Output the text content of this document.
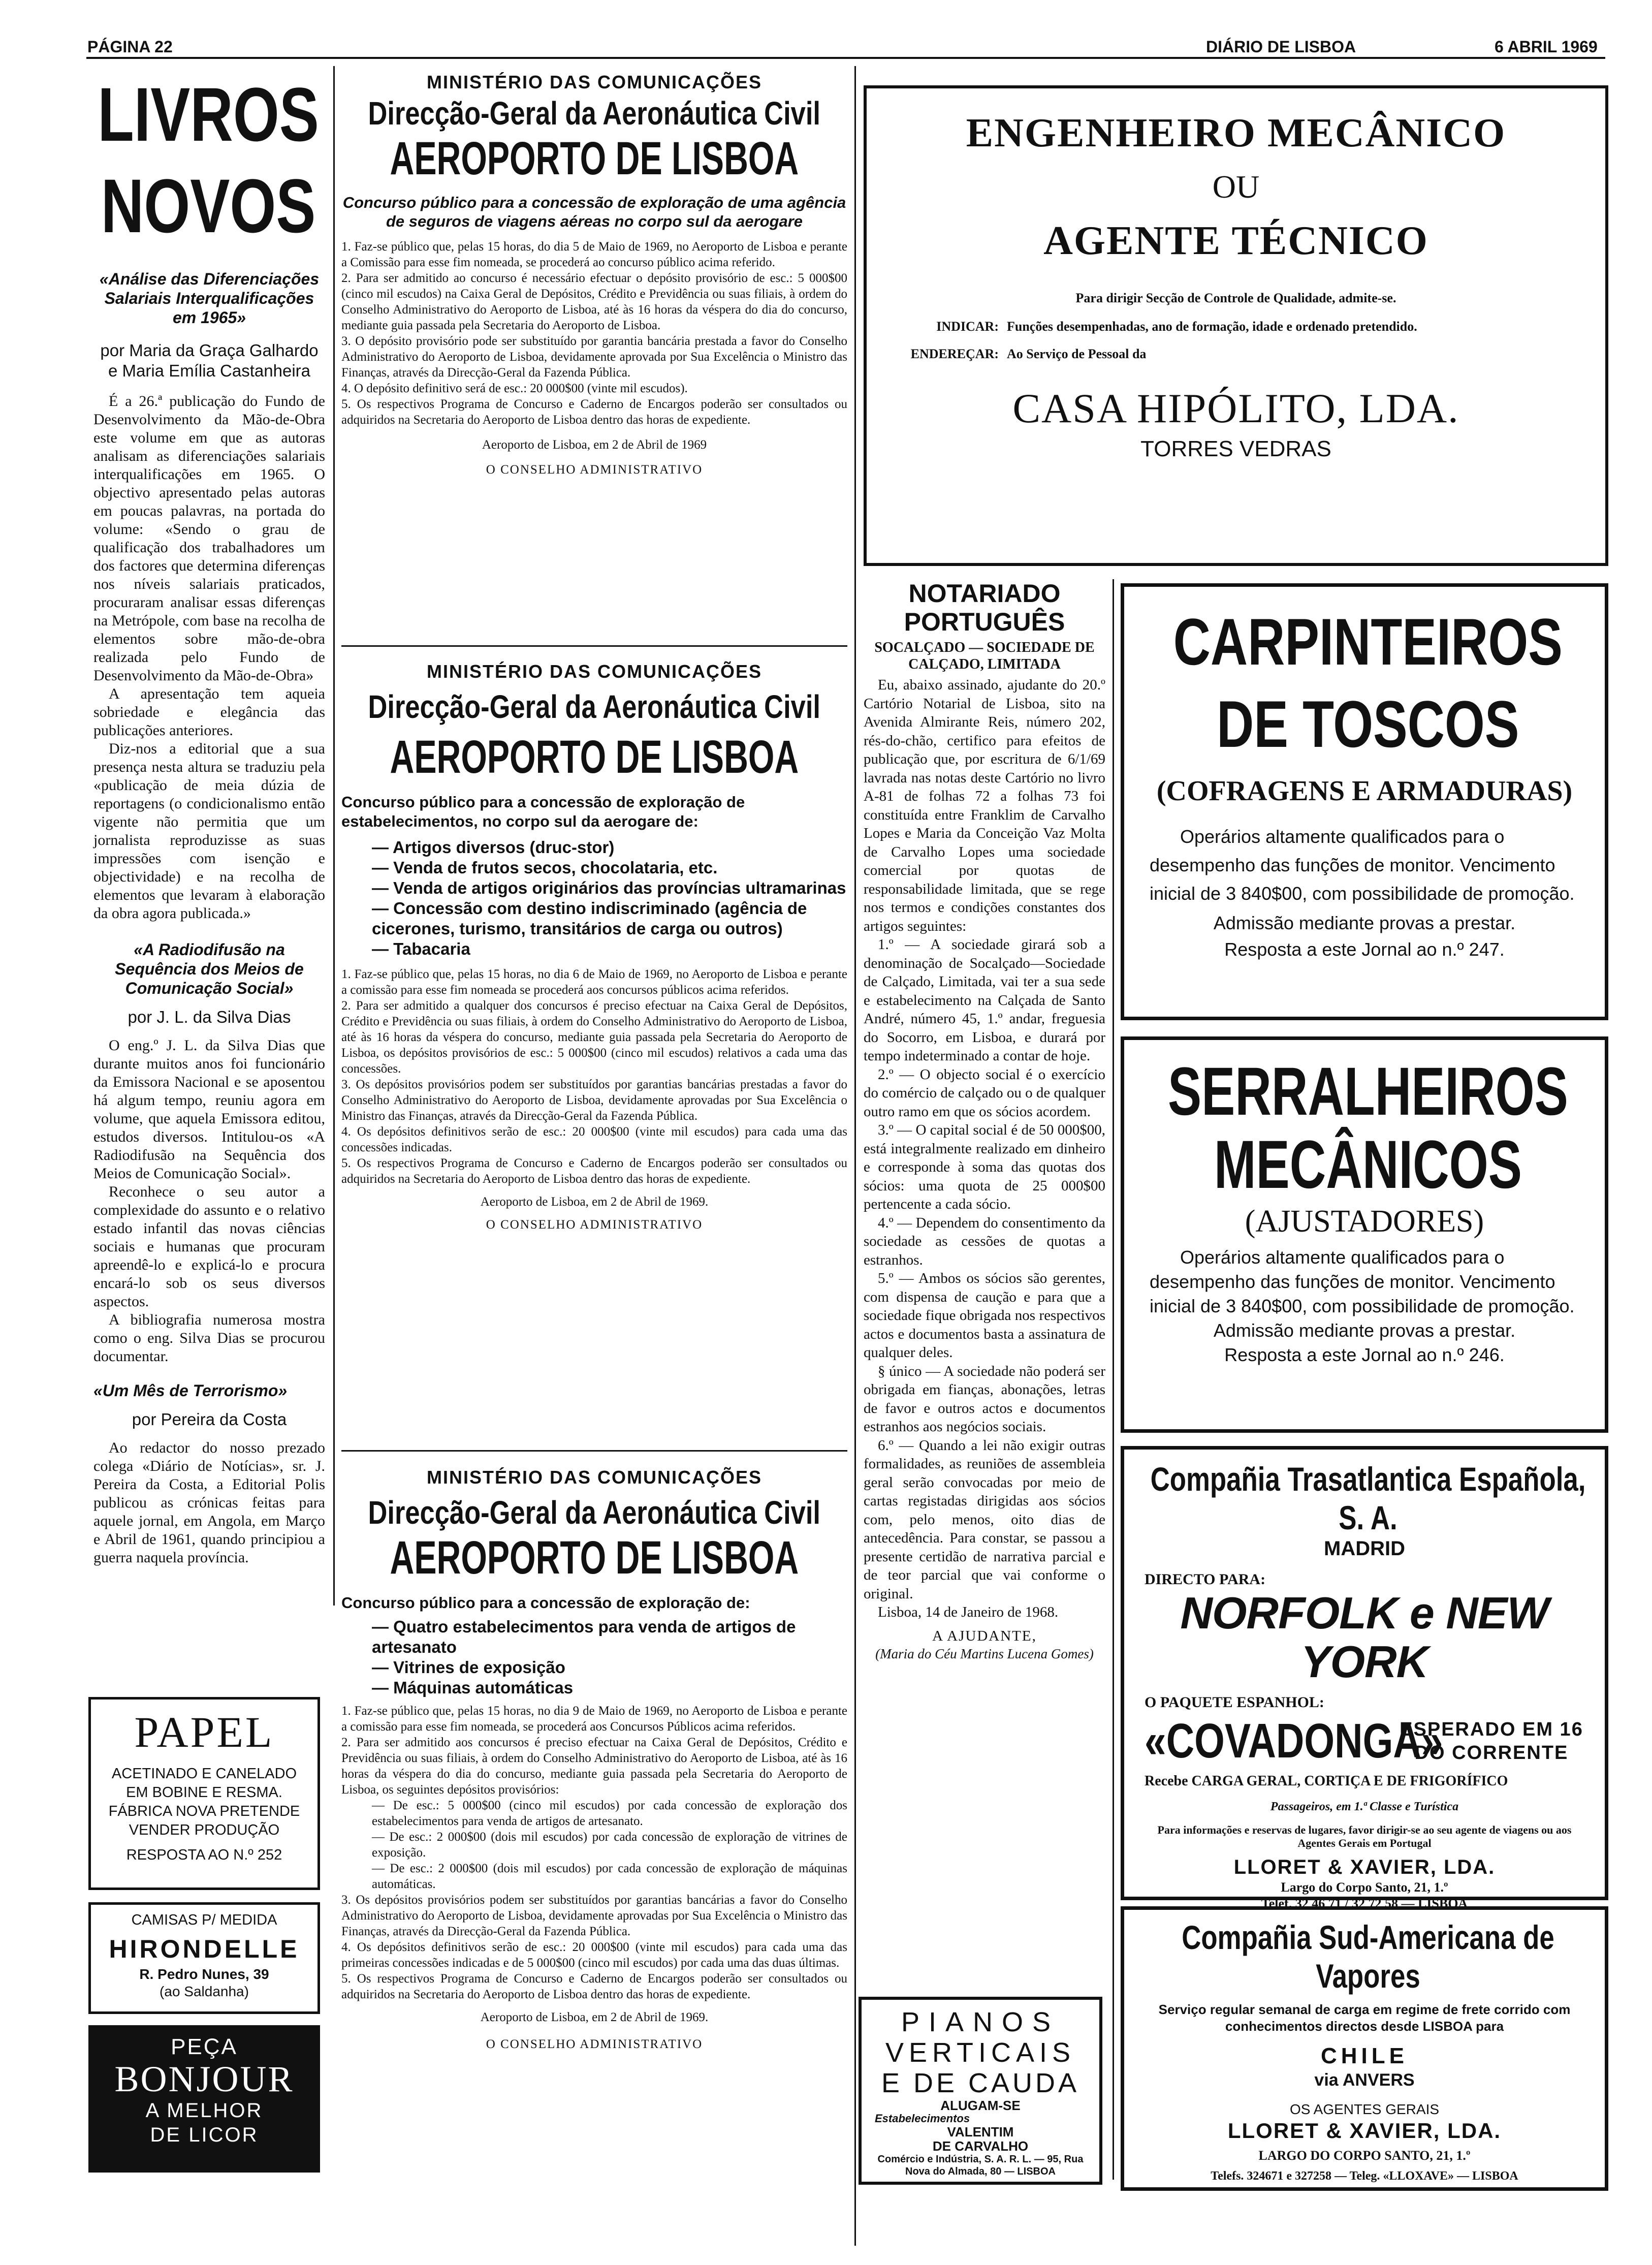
PÁGINA 22	DIÁRIO DE LISBOA	6 ABRIL 1969
LIVROS
NOVOS

«Análise das Diferenciações Salariais Interqualificações em 1965»

por Maria da Graça Galhardo e Maria Emília Castanheira

É a 26.ª publicação do Fundo de Desenvolvimento da Mão-de-Obra este volume em que as autoras analisam as diferenciações salariais interqualificações em 1965. O objectivo apresentado pelas autoras em poucas palavras, na portada do volume: «Sendo o grau de qualificação dos trabalhadores um dos factores que determina diferenças nos níveis salariais praticados, procuraram analisar essas diferenças na Metrópole, com base na recolha de elementos sobre mão-de-obra realizada pelo Fundo de Desenvolvimento da Mão-de-Obra»

A apresentação tem aqueia sobriedade e elegância das publicações anteriores.

Diz-nos a editorial que a sua presença nesta altura se traduziu pela «publicação de meia dúzia de reportagens (o condicionalismo então vigente não permitia que um jornalista reproduzisse as suas impressões com isenção e objectividade) e na recolha de elementos que levaram à elaboração da obra agora publicada.»

«A Radiodifusão na Sequência dos Meios de Comunicação Social»

por J. L. da Silva Dias

O eng.º J. L. da Silva Dias que durante muitos anos foi funcionário da Emissora Nacional e se aposentou há algum tempo, reuniu agora em volume, que aquela Emissora editou, estudos diversos. Intitulou-os «A Radiodifusão na Sequência dos Meios de Comunicação Social».

Reconhece o seu autor a complexidade do assunto e o relativo estado infantil das novas ciências sociais e humanas que procuram apreendê-lo e explicá-lo e procura encará-lo sob os seus diversos aspectos.

A bibliografia numerosa mostra como o eng. Silva Dias se procurou documentar.

«Um Mês de Terrorismo»

por Pereira da Costa

Ao redactor do nosso prezado colega «Diário de Notícias», sr. J. Pereira da Costa, a Editorial Polis publicou as crónicas feitas para aquele jornal, em Angola, em Março e Abril de 1961, quando principiou a guerra naquela província.

PAPEL
ACETINADO E CANELADO EM BOBINE E RESMA. FÁBRICA NOVA PRETENDE VENDER PRODUÇÃO
RESPOSTA AO N.º 252
CAMISAS P/ MEDIDA
HIRONDELLE
R. Pedro Nunes, 39
(ao Saldanha)
PEÇA
BONJOUR
A MELHOR
DE LICOR
MINISTÉRIO DAS COMUNICAÇÕES
Direcção-Geral da Aeronáutica Civil
AEROPORTO DE LISBOA
Concurso público para a concessão de exploração de uma agência de seguros de viagens aéreas no corpo sul da aerogare
1. Faz-se público que, pelas 15 horas, do dia 5 de Maio de 1969, no Aeroporto de Lisboa e perante a Comissão para esse fim nomeada, se procederá ao concurso público acima referido.
2. Para ser admitido ao concurso é necessário efectuar o depósito provisório de esc.: 5 000$00 (cinco mil escudos) na Caixa Geral de Depósitos, Crédito e Previdência ou suas filiais, à ordem do Conselho Administrativo do Aeroporto de Lisboa, até às 16 horas da véspera do dia do concurso, mediante guia passada pela Secretaria do Aeroporto de Lisboa.
3. O depósito provisório pode ser substituído por garantia bancária prestada a favor do Conselho Administrativo do Aeroporto de Lisboa, devidamente aprovada por Sua Excelência o Ministro das Finanças, através da Direcção-Geral da Fazenda Pública.
4. O depósito definitivo será de esc.: 20 000$00 (vinte mil escudos).
5. Os respectivos Programa de Concurso e Caderno de Encargos poderão ser consultados ou adquiridos na Secretaria do Aeroporto de Lisboa dentro das horas de expediente.
Aeroporto de Lisboa, em 2 de Abril de 1969
O CONSELHO ADMINISTRATIVO
MINISTÉRIO DAS COMUNICAÇÕES
Direcção-Geral da Aeronáutica Civil
AEROPORTO DE LISBOA
Concurso público para a concessão de exploração de estabelecimentos, no corpo sul da aerogare de:
— Artigos diversos (druc-stor)
— Venda de frutos secos, chocolataria, etc.
— Venda de artigos originários das províncias ultramarinas
— Concessão com destino indiscriminado (agência de cicerones, turismo, transitários de carga ou outros)
— Tabacaria
1. Faz-se público que, pelas 15 horas, no dia 6 de Maio de 1969, no Aeroporto de Lisboa e perante a comissão para esse fim nomeada se procederá aos concursos públicos acima referidos.
2. Para ser admitido a qualquer dos concursos é preciso efectuar na Caixa Geral de Depósitos, Crédito e Previdência ou suas filiais, à ordem do Conselho Administrativo do Aeroporto de Lisboa, até às 16 horas da véspera do concurso, mediante guia passada pela Secretaria do Aeroporto de Lisboa, os depósitos provisórios de esc.: 5 000$00 (cinco mil escudos) relativos a cada uma das concessões.
3. Os depósitos provisórios podem ser substituídos por garantias bancárias prestadas a favor do Conselho Administrativo do Aeroporto de Lisboa, devidamente aprovadas por Sua Excelência o Ministro das Finanças, através da Direcção-Geral da Fazenda Pública.
4. Os depósitos definitivos serão de esc.: 20 000$00 (vinte mil escudos) para cada uma das concessões indicadas.
5. Os respectivos Programa de Concurso e Caderno de Encargos poderão ser consultados ou adquiridos na Secretaria do Aeroporto de Lisboa dentro das horas de expediente.
Aeroporto de Lisboa, em 2 de Abril de 1969.
O CONSELHO ADMINISTRATIVO
MINISTÉRIO DAS COMUNICAÇÕES
Direcção-Geral da Aeronáutica Civil
AEROPORTO DE LISBOA
Concurso público para a concessão de exploração de:
— Quatro estabelecimentos para venda de artigos de artesanato
— Vitrines de exposição
— Máquinas automáticas
1. Faz-se público que, pelas 15 horas, no dia 9 de Maio de 1969, no Aeroporto de Lisboa e perante a comissão para esse fim nomeada, se procederá aos Concursos Públicos acima referidos.
2. Para ser admitido aos concursos é preciso efectuar na Caixa Geral de Depósitos, Crédito e Previdência ou suas filiais, à ordem do Conselho Administrativo do Aeroporto de Lisboa, até às 16 horas da véspera do dia do concurso, mediante guia passada pela Secretaria do Aeroporto de Lisboa, os seguintes depósitos provisórios:
— De esc.: 5 000$00 (cinco mil escudos) por cada concessão de exploração dos estabelecimentos para venda de artigos de artesanato.
— De esc.: 2 000$00 (dois mil escudos) por cada concessão de exploração de vitrines de exposição.
— De esc.: 2 000$00 (dois mil escudos) por cada concessão de exploração de máquinas automáticas.
3. Os depósitos provisórios podem ser substituídos por garantias bancárias a favor do Conselho Administrativo do Aeroporto de Lisboa, devidamente aprovadas por Sua Excelência o Ministro das Finanças, através da Direcção-Geral da Fazenda Pública.
4. Os depósitos definitivos serão de esc.: 20 000$00 (vinte mil escudos) para cada uma das primeiras concessões indicadas e de 5 000$00 (cinco mil escudos) por cada uma das duas últimas.
5. Os respectivos Programa de Concurso e Caderno de Encargos poderão ser consultados ou adquiridos na Secretaria do Aeroporto de Lisboa dentro das horas de expediente.
Aeroporto de Lisboa, em 2 de Abril de 1969.
O CONSELHO ADMINISTRATIVO
ENGENHEIRO MECÂNICO
OU
AGENTE TÉCNICO
Para dirigir Secção de Controle de Qualidade, admite-se.
INDICAR: Funções desempenhadas, ano de formação, idade e ordenado pretendido.
ENDEREÇAR: Ao Serviço de Pessoal da
CASA HIPÓLITO, LDA.
TORRES VEDRAS
NOTARIADO
PORTUGUÊS
SOCALÇADO — SOCIEDADE DE CALÇADO, LIMITADA
Eu, abaixo assinado, ajudante do 20.º Cartório Notarial de Lisboa, sito na Avenida Almirante Reis, número 202, rés-do-chão, certifico para efeitos de publicação que, por escritura de 6/1/69 lavrada nas notas deste Cartório no livro A-81 de folhas 72 a folhas 73 foi constituída entre Franklim de Carvalho Lopes e Maria da Conceição Vaz Molta de Carvalho Lopes uma sociedade comercial por quotas de responsabilidade limitada, que se rege nos termos e condições constantes dos artigos seguintes:
1.º — A sociedade girará sob a denominação de Socalçado—Sociedade de Calçado, Limitada, vai ter a sua sede e estabelecimento na Calçada de Santo André, número 45, 1.º andar, freguesia do Socorro, em Lisboa, e durará por tempo indeterminado a contar de hoje.
2.º — O objecto social é o exercício do comércio de calçado ou o de qualquer outro ramo em que os sócios acordem.
3.º — O capital social é de 50 000$00, está integralmente realizado em dinheiro e corresponde à soma das quotas dos sócios: uma quota de 25 000$00 pertencente a cada sócio.
4.º — Dependem do consentimento da sociedade as cessões de quotas a estranhos.
5.º — Ambos os sócios são gerentes, com dispensa de caução e para que a sociedade fique obrigada nos respectivos actos e documentos basta a assinatura de qualquer deles.
§ único — A sociedade não poderá ser obrigada em fianças, abonações, letras de favor e outros actos e documentos estranhos aos negócios sociais.
6.º — Quando a lei não exigir outras formalidades, as reuniões de assembleia geral serão convocadas por meio de cartas registadas dirigidas aos sócios com, pelo menos, oito dias de antecedência. Para constar, se passou a presente certidão de narrativa parcial e de teor parcial que vai conforme o original.
Lisboa, 14 de Janeiro de 1968.
A AJUDANTE,
(Maria do Céu Martins Lucena Gomes)
PIANOS
VERTICAIS
E DE CAUDA
ALUGAM-SE
Estabelecimentos
VALENTIM
DE CARVALHO
Comércio e Indústria, S. A. R. L. — 95, Rua Nova do Almada, 80 — LISBOA
CARPINTEIROS
DE TOSCOS
(COFRAGENS E ARMADURAS)
Operários altamente qualificados para o desempenho das funções de monitor. Vencimento inicial de 3 840$00, com possibilidade de promoção.
Admissão mediante provas a prestar.
Resposta a este Jornal ao n.º 247.
SERRALHEIROS
MECÂNICOS
(AJUSTADORES)
Operários altamente qualificados para o desempenho das funções de monitor. Vencimento inicial de 3 840$00, com possibilidade de promoção.
Admissão mediante provas a prestar.
Resposta a este Jornal ao n.º 246.
Compañia Trasatlantica Española, S. A.
MADRID
DIRECTO PARA:
NORFOLK e NEW YORK
O PAQUETE ESPANHOL:
«COVADONGA»
ESPERADO EM 16 DO CORRENTE
Recebe CARGA GERAL, CORTIÇA E DE FRIGORÍFICO
Passageiros, em 1.ª Classe e Turística
Para informações e reservas de lugares, favor dirigir-se ao seu agente de viagens ou aos Agentes Gerais em Portugal
LLORET & XAVIER, LDA.
Largo do Corpo Santo, 21, 1.º
Telef. 32 46 71 / 32 72 58 — LISBOA
Compañia Sud-Americana de Vapores
Serviço regular semanal de carga em regime de frete corrido com conhecimentos directos desde LISBOA para
CHILE
via ANVERS
OS AGENTES GERAIS
LLORET & XAVIER, LDA.
LARGO DO CORPO SANTO, 21, 1.º
Telefs. 324671 e 327258 — Teleg. «LLOXAVE» — LISBOA
